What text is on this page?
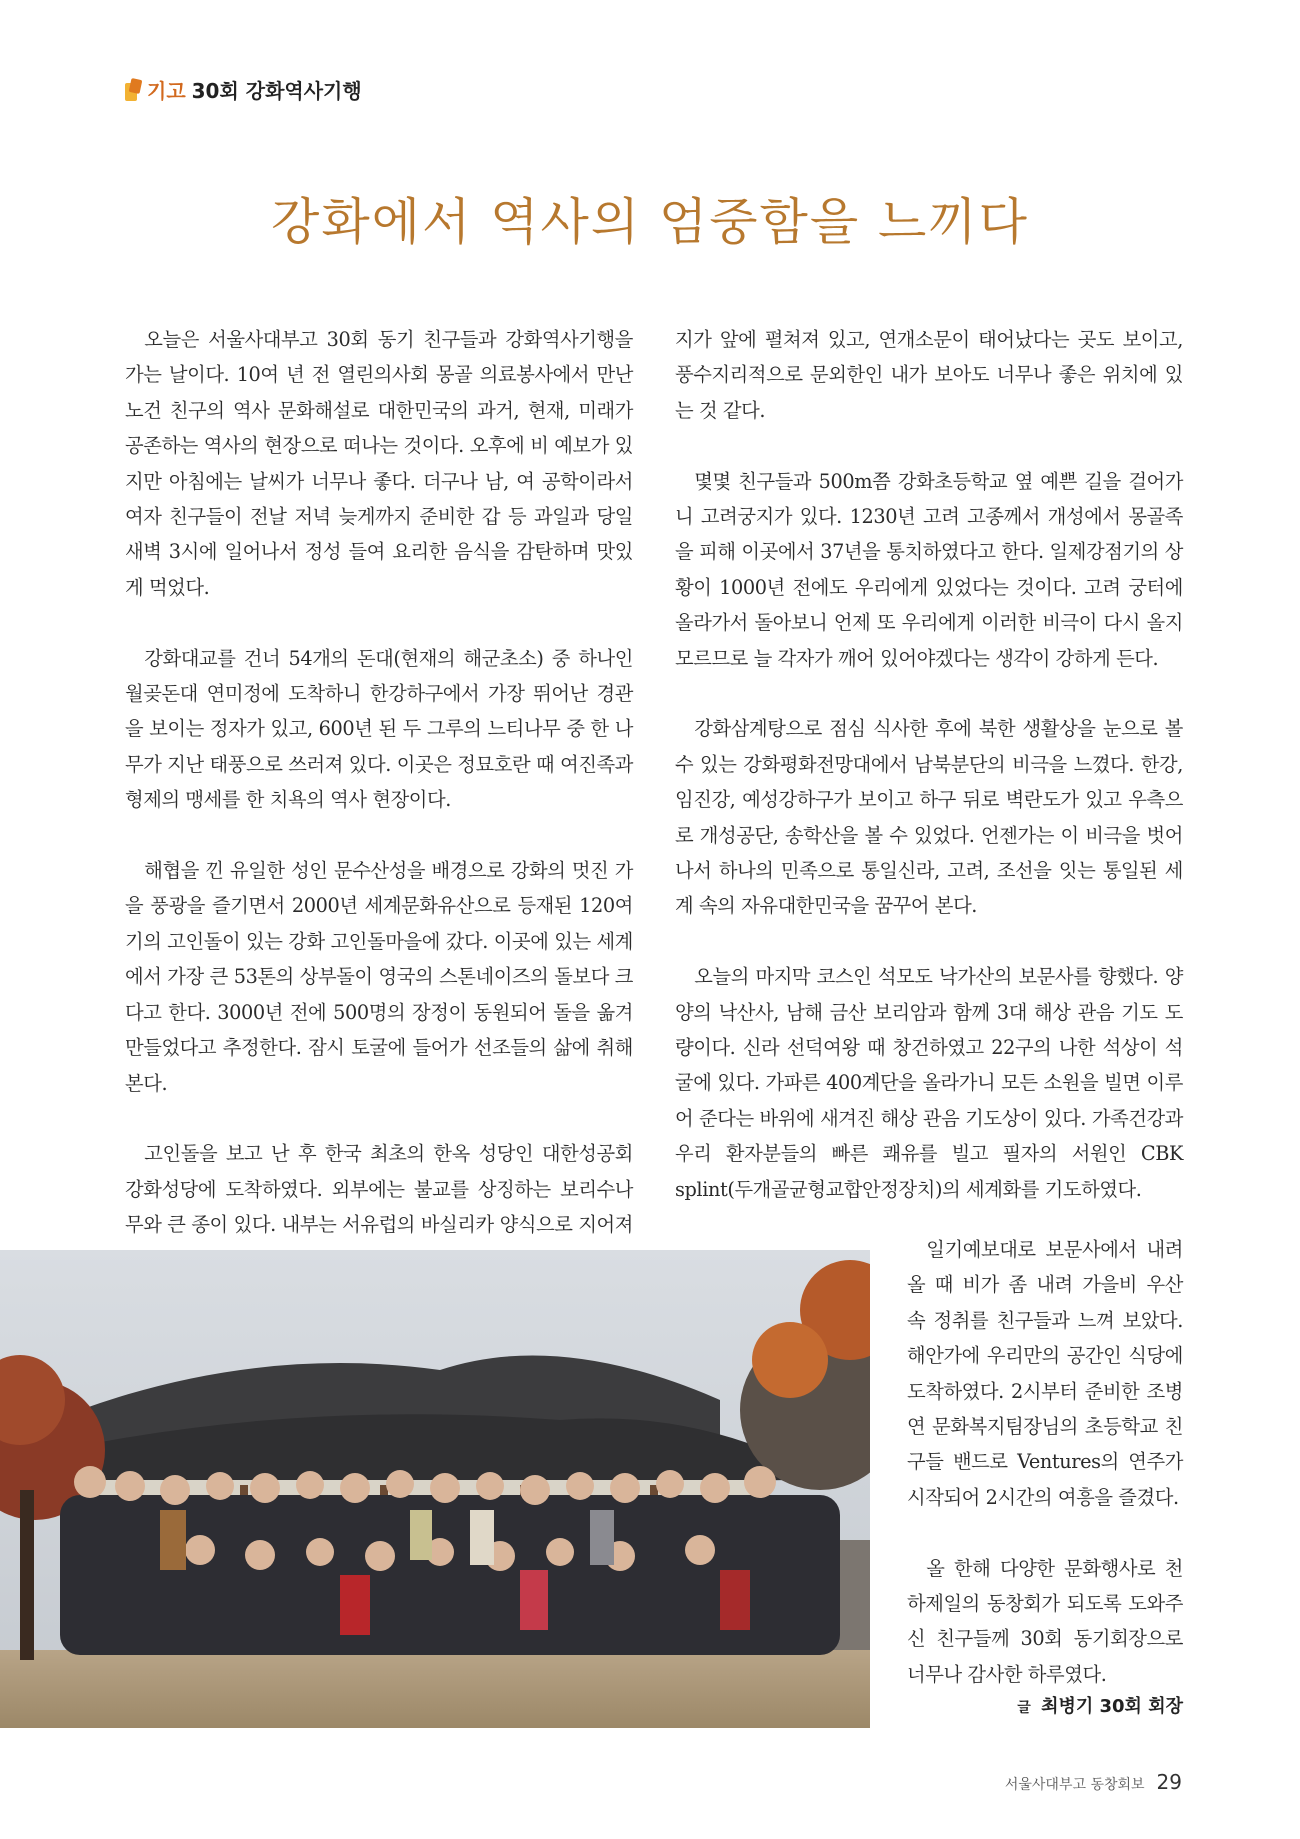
기고 30회 강화역사기행
강화에서 역사의 엄중함을 느끼다

오늘은 서울사대부고 30회 동기 친구들과 강화역사기행을 가는 날이다. 10여 년 전 열린의사회 몽골 의료봉사에서 만난 노건 친구의 역사 문화해설로 대한민국의 과거, 현재, 미래가 공존하는 역사의 현장으로 떠나는 것이다. 오후에 비 예보가 있지만 아침에는 날씨가 너무나 좋다. 더구나 남, 여 공학이라서 여자 친구들이 전날 저녁 늦게까지 준비한 갑 등 과일과 당일 새벽 3시에 일어나서 정성 들여 요리한 음식을 감탄하며 맛있게 먹었다.

강화대교를 건너 54개의 돈대(현재의 해군초소) 중 하나인 월곶돈대 연미정에 도착하니 한강하구에서 가장 뛰어난 경관을 보이는 정자가 있고, 600년 된 두 그루의 느티나무 중 한 나무가 지난 태풍으로 쓰러져 있다. 이곳은 정묘호란 때 여진족과 형제의 맹세를 한 치욕의 역사 현장이다.

해협을 낀 유일한 성인 문수산성을 배경으로 강화의 멋진 가을 풍광을 즐기면서 2000년 세계문화유산으로 등재된 120여 기의 고인돌이 있는 강화 고인돌마을에 갔다. 이곳에 있는 세계에서 가장 큰 53톤의 상부돌이 영국의 스톤네이즈의 돌보다 크다고 한다. 3000년 전에 500명의 장정이 동원되어 돌을 옮겨 만들었다고 추정한다. 잠시 토굴에 들어가 선조들의 삶에 취해 본다.

고인돌을 보고 난 후 한국 최초의 한옥 성당인 대한성공회 강화성당에 도착하였다. 외부에는 불교를 상징하는 보리수나무와 큰 종이 있다. 내부는 서유럽의 바실리카 양식으로 지어져

지가 앞에 펼쳐져 있고, 연개소문이 태어났다는 곳도 보이고, 풍수지리적으로 문외한인 내가 보아도 너무나 좋은 위치에 있는 것 같다.

몇몇 친구들과 500m쯤 강화초등학교 옆 예쁜 길을 걸어가니 고려궁지가 있다. 1230년 고려 고종께서 개성에서 몽골족을 피해 이곳에서 37년을 통치하였다고 한다. 일제강점기의 상황이 1000년 전에도 우리에게 있었다는 것이다. 고려 궁터에 올라가서 돌아보니 언제 또 우리에게 이러한 비극이 다시 올지 모르므로 늘 각자가 깨어 있어야겠다는 생각이 강하게 든다.

강화삼계탕으로 점심 식사한 후에 북한 생활상을 눈으로 볼 수 있는 강화평화전망대에서 남북분단의 비극을 느꼈다. 한강, 임진강, 예성강하구가 보이고 하구 뒤로 벽란도가 있고 우측으로 개성공단, 송학산을 볼 수 있었다. 언젠가는 이 비극을 벗어나서 하나의 민족으로 통일신라, 고려, 조선을 잇는 통일된 세계 속의 자유대한민국을 꿈꾸어 본다.

오늘의 마지막 코스인 석모도 낙가산의 보문사를 향했다. 양양의 낙산사, 남해 금산 보리암과 함께 3대 해상 관음 기도 도량이다. 신라 선덕여왕 때 창건하였고 22구의 나한 석상이 석굴에 있다. 가파른 400계단을 올라가니 모든 소원을 빌면 이루어 준다는 바위에 새겨진 해상 관음 기도상이 있다. 가족건강과 우리 환자분들의 빠른 쾌유를 빌고 필자의 서원인 CBK splint(두개골균형교합안정장치)의 세계화를 기도하였다.

일기예보대로 보문사에서 내려올 때 비가 좀 내려 가을비 우산 속 정취를 친구들과 느껴 보았다. 해안가에 우리만의 공간인 식당에 도착하였다. 2시부터 준비한 조병연 문화복지팀장님의 초등학교 친구들 밴드로 Ventures의 연주가 시작되어 2시간의 여흥을 즐겼다.

올 한해 다양한 문화행사로 천하제일의 동창회가 되도록 도와주신 친구들께 30회 동기회장으로 너무나 감사한 하루였다.

글 최병기 30회 회장
서울사대부고 동창회보 29
